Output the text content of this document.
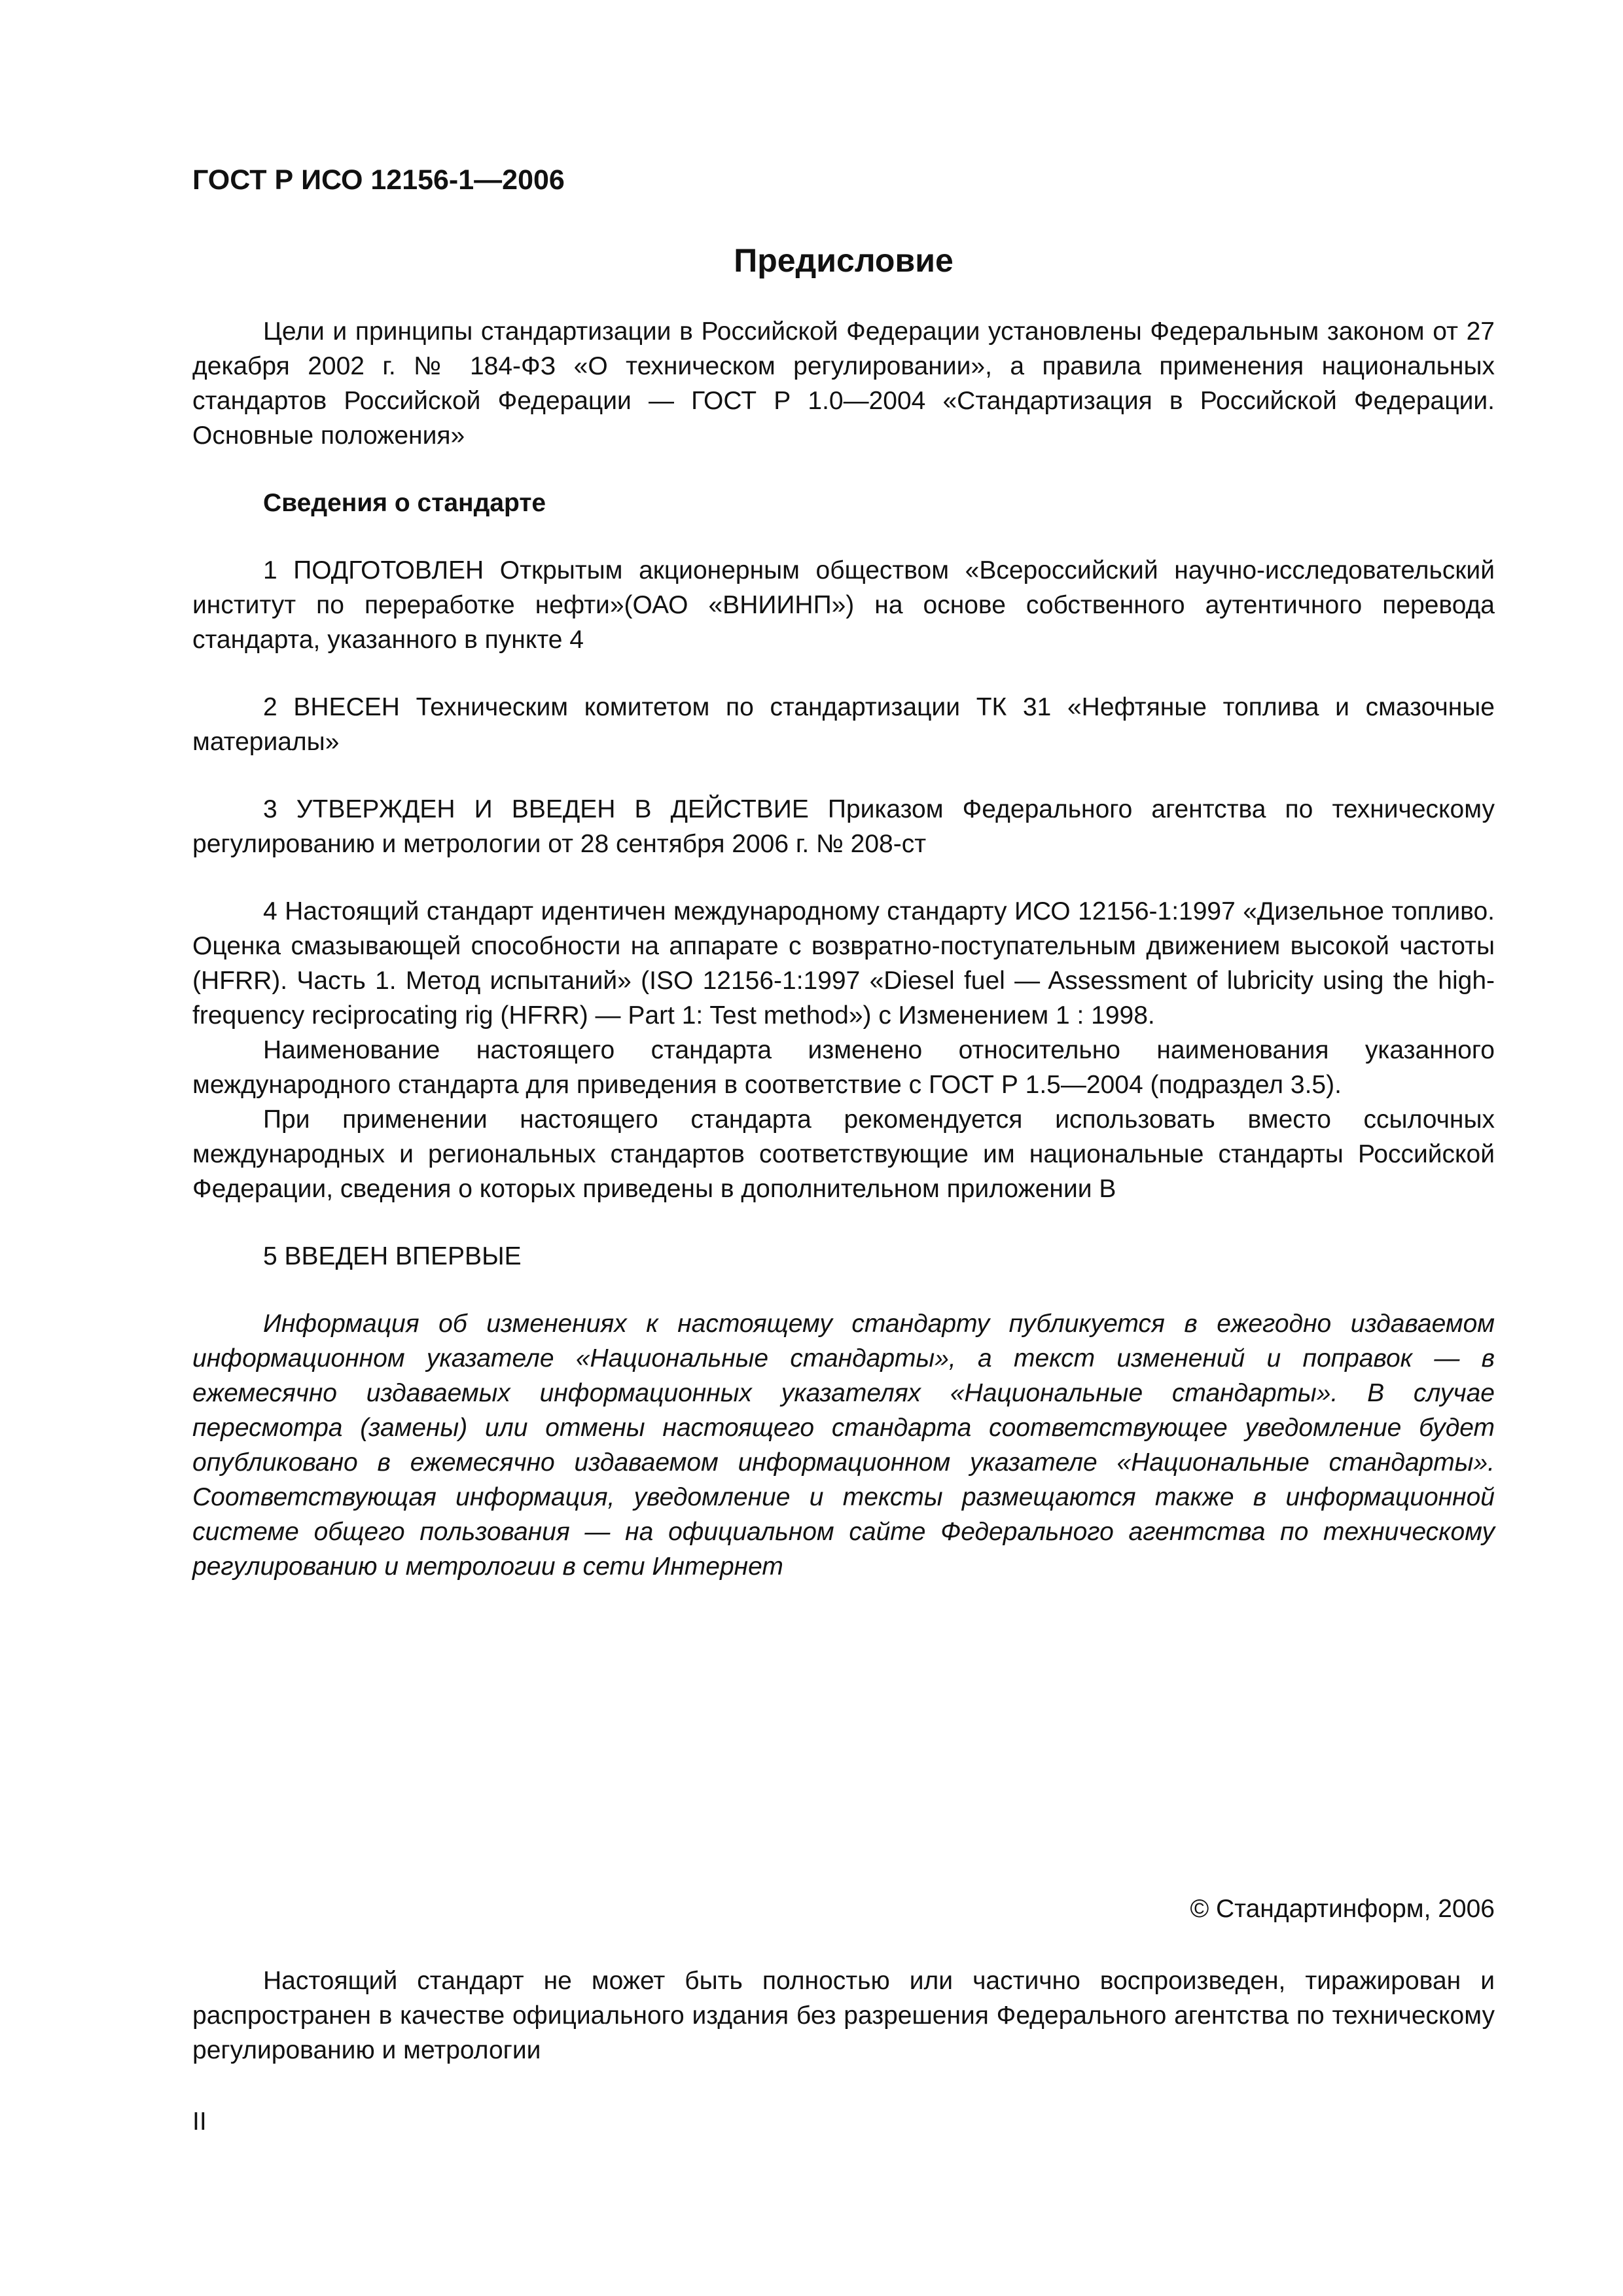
ГОСТ Р ИСО 12156-1—2006
Предисловие

Цели и принципы стандартизации в Российской Федерации установлены Федеральным законом от 27 декабря 2002 г. № 184-ФЗ «О техническом регулировании», а правила применения национальных стандартов Российской Федерации — ГОСТ Р 1.0—2004 «Стандартизация в Российской Федерации. Основные положения»

Сведения о стандарте

1 ПОДГОТОВЛЕН Открытым акционерным обществом «Всероссийский научно-исследовательский институт по переработке нефти»(ОАО «ВНИИНП») на основе собственного аутентичного перевода стандарта, указанного в пункте 4

2 ВНЕСЕН Техническим комитетом по стандартизации ТК 31 «Нефтяные топлива и смазочные материалы»

3 УТВЕРЖДЕН И ВВЕДЕН В ДЕЙСТВИЕ Приказом Федерального агентства по техническому регулированию и метрологии от 28 сентября 2006 г. № 208-ст

4 Настоящий стандарт идентичен международному стандарту ИСО 12156-1:1997 «Дизельное топливо. Оценка смазывающей способности на аппарате с возвратно-поступательным движением высокой частоты (HFRR). Часть 1. Метод испытаний» (ISO 12156-1:1997 «Diesel fuel — Assessment of lubricity using the high-frequency reciprocating rig (HFRR) — Part 1: Test method») с Изменением 1 : 1998.

Наименование настоящего стандарта изменено относительно наименования указанного международного стандарта для приведения в соответствие с ГОСТ Р 1.5—2004 (подраздел 3.5).

При применении настоящего стандарта рекомендуется использовать вместо ссылочных международных и региональных стандартов соответствующие им национальные стандарты Российской Федерации, сведения о которых приведены в дополнительном приложении В

5 ВВЕДЕН ВПЕРВЫЕ

Информация об изменениях к настоящему стандарту публикуется в ежегодно издаваемом информационном указателе «Национальные стандарты», а текст изменений и поправок — в ежемесячно издаваемых информационных указателях «Национальные стандарты». В случае пересмотра (замены) или отмены настоящего стандарта соответствующее уведомление будет опубликовано в ежемесячно издаваемом информационном указателе «Национальные стандарты». Соответствующая информация, уведомление и тексты размещаются также в информационной системе общего пользования — на официальном сайте Федерального агентства по техническому регулированию и метрологии в сети Интернет

© Стандартинформ, 2006

Настоящий стандарт не может быть полностью или частично воспроизведен, тиражирован и распространен в качестве официального издания без разрешения Федерального агентства по техническому регулированию и метрологии

II
